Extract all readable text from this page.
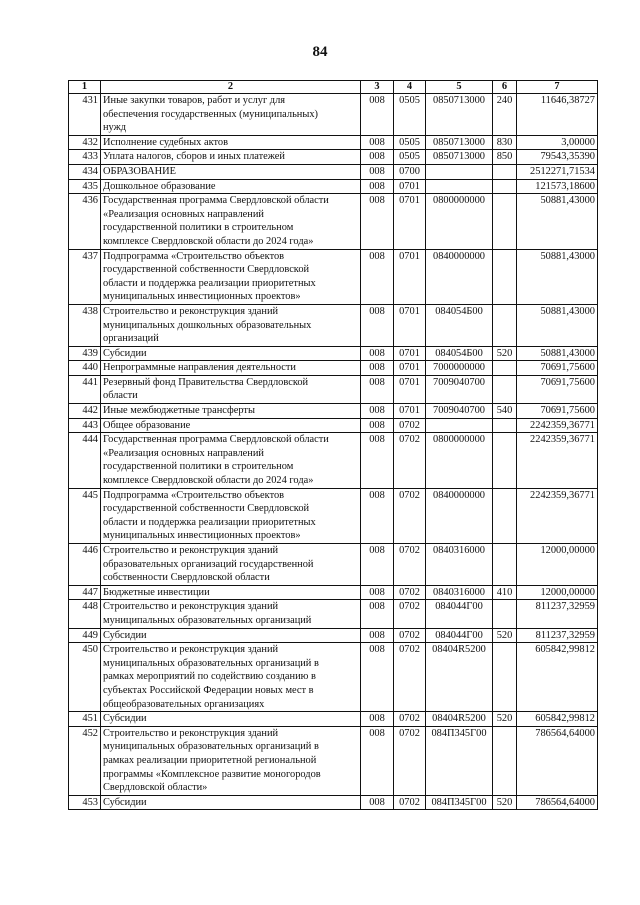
84
1	2	3	4	5	6	7
431	Иные закупки товаров, работ и услуг для
обеспечения государственных (муниципальных)
нужд	008	0505	0850713000	240	11646,38727
432	Исполнение судебных актов	008	0505	0850713000	830	3,00000
433	Уплата налогов, сборов и иных платежей	008	0505	0850713000	850	79543,35390
434	ОБРАЗОВАНИЕ	008	0700			2512271,71534
435	Дошкольное образование	008	0701			121573,18600
436	Государственная программа Свердловской области
«Реализация основных направлений
государственной политики в строительном
комплексе Свердловской области до 2024 года»	008	0701	0800000000		50881,43000
437	Подпрограмма «Строительство объектов
государственной собственности Свердловской
области и поддержка реализации приоритетных
муниципальных инвестиционных проектов»	008	0701	0840000000		50881,43000
438	Строительство и реконструкция зданий
муниципальных дошкольных образовательных
организаций	008	0701	084054Б00		50881,43000
439	Субсидии	008	0701	084054Б00	520	50881,43000
440	Непрограммные направления деятельности	008	0701	7000000000		70691,75600
441	Резервный фонд Правительства Свердловской
области	008	0701	7009040700		70691,75600
442	Иные межбюджетные трансферты	008	0701	7009040700	540	70691,75600
443	Общее образование	008	0702			2242359,36771
444	Государственная программа Свердловской области
«Реализация основных направлений
государственной политики в строительном
комплексе Свердловской области до 2024 года»	008	0702	0800000000		2242359,36771
445	Подпрограмма «Строительство объектов
государственной собственности Свердловской
области и поддержка реализации приоритетных
муниципальных инвестиционных проектов»	008	0702	0840000000		2242359,36771
446	Строительство и реконструкция зданий
образовательных организаций государственной
собственности Свердловской области	008	0702	0840316000		12000,00000
447	Бюджетные инвестиции	008	0702	0840316000	410	12000,00000
448	Строительство и реконструкция зданий
муниципальных образовательных организаций	008	0702	084044Г00		811237,32959
449	Субсидии	008	0702	084044Г00	520	811237,32959
450	Строительство и реконструкция зданий
муниципальных образовательных организаций в
рамках мероприятий по содействию созданию в
субъектах Российской Федерации новых мест в
общеобразовательных организациях	008	0702	08404R5200		605842,99812
451	Субсидии	008	0702	08404R5200	520	605842,99812
452	Строительство и реконструкция зданий
муниципальных образовательных организаций в
рамках реализации приоритетной региональной
программы «Комплексное развитие моногородов
Свердловской области»	008	0702	084П345Г00		786564,64000
453	Субсидии	008	0702	084П345Г00	520	786564,64000
